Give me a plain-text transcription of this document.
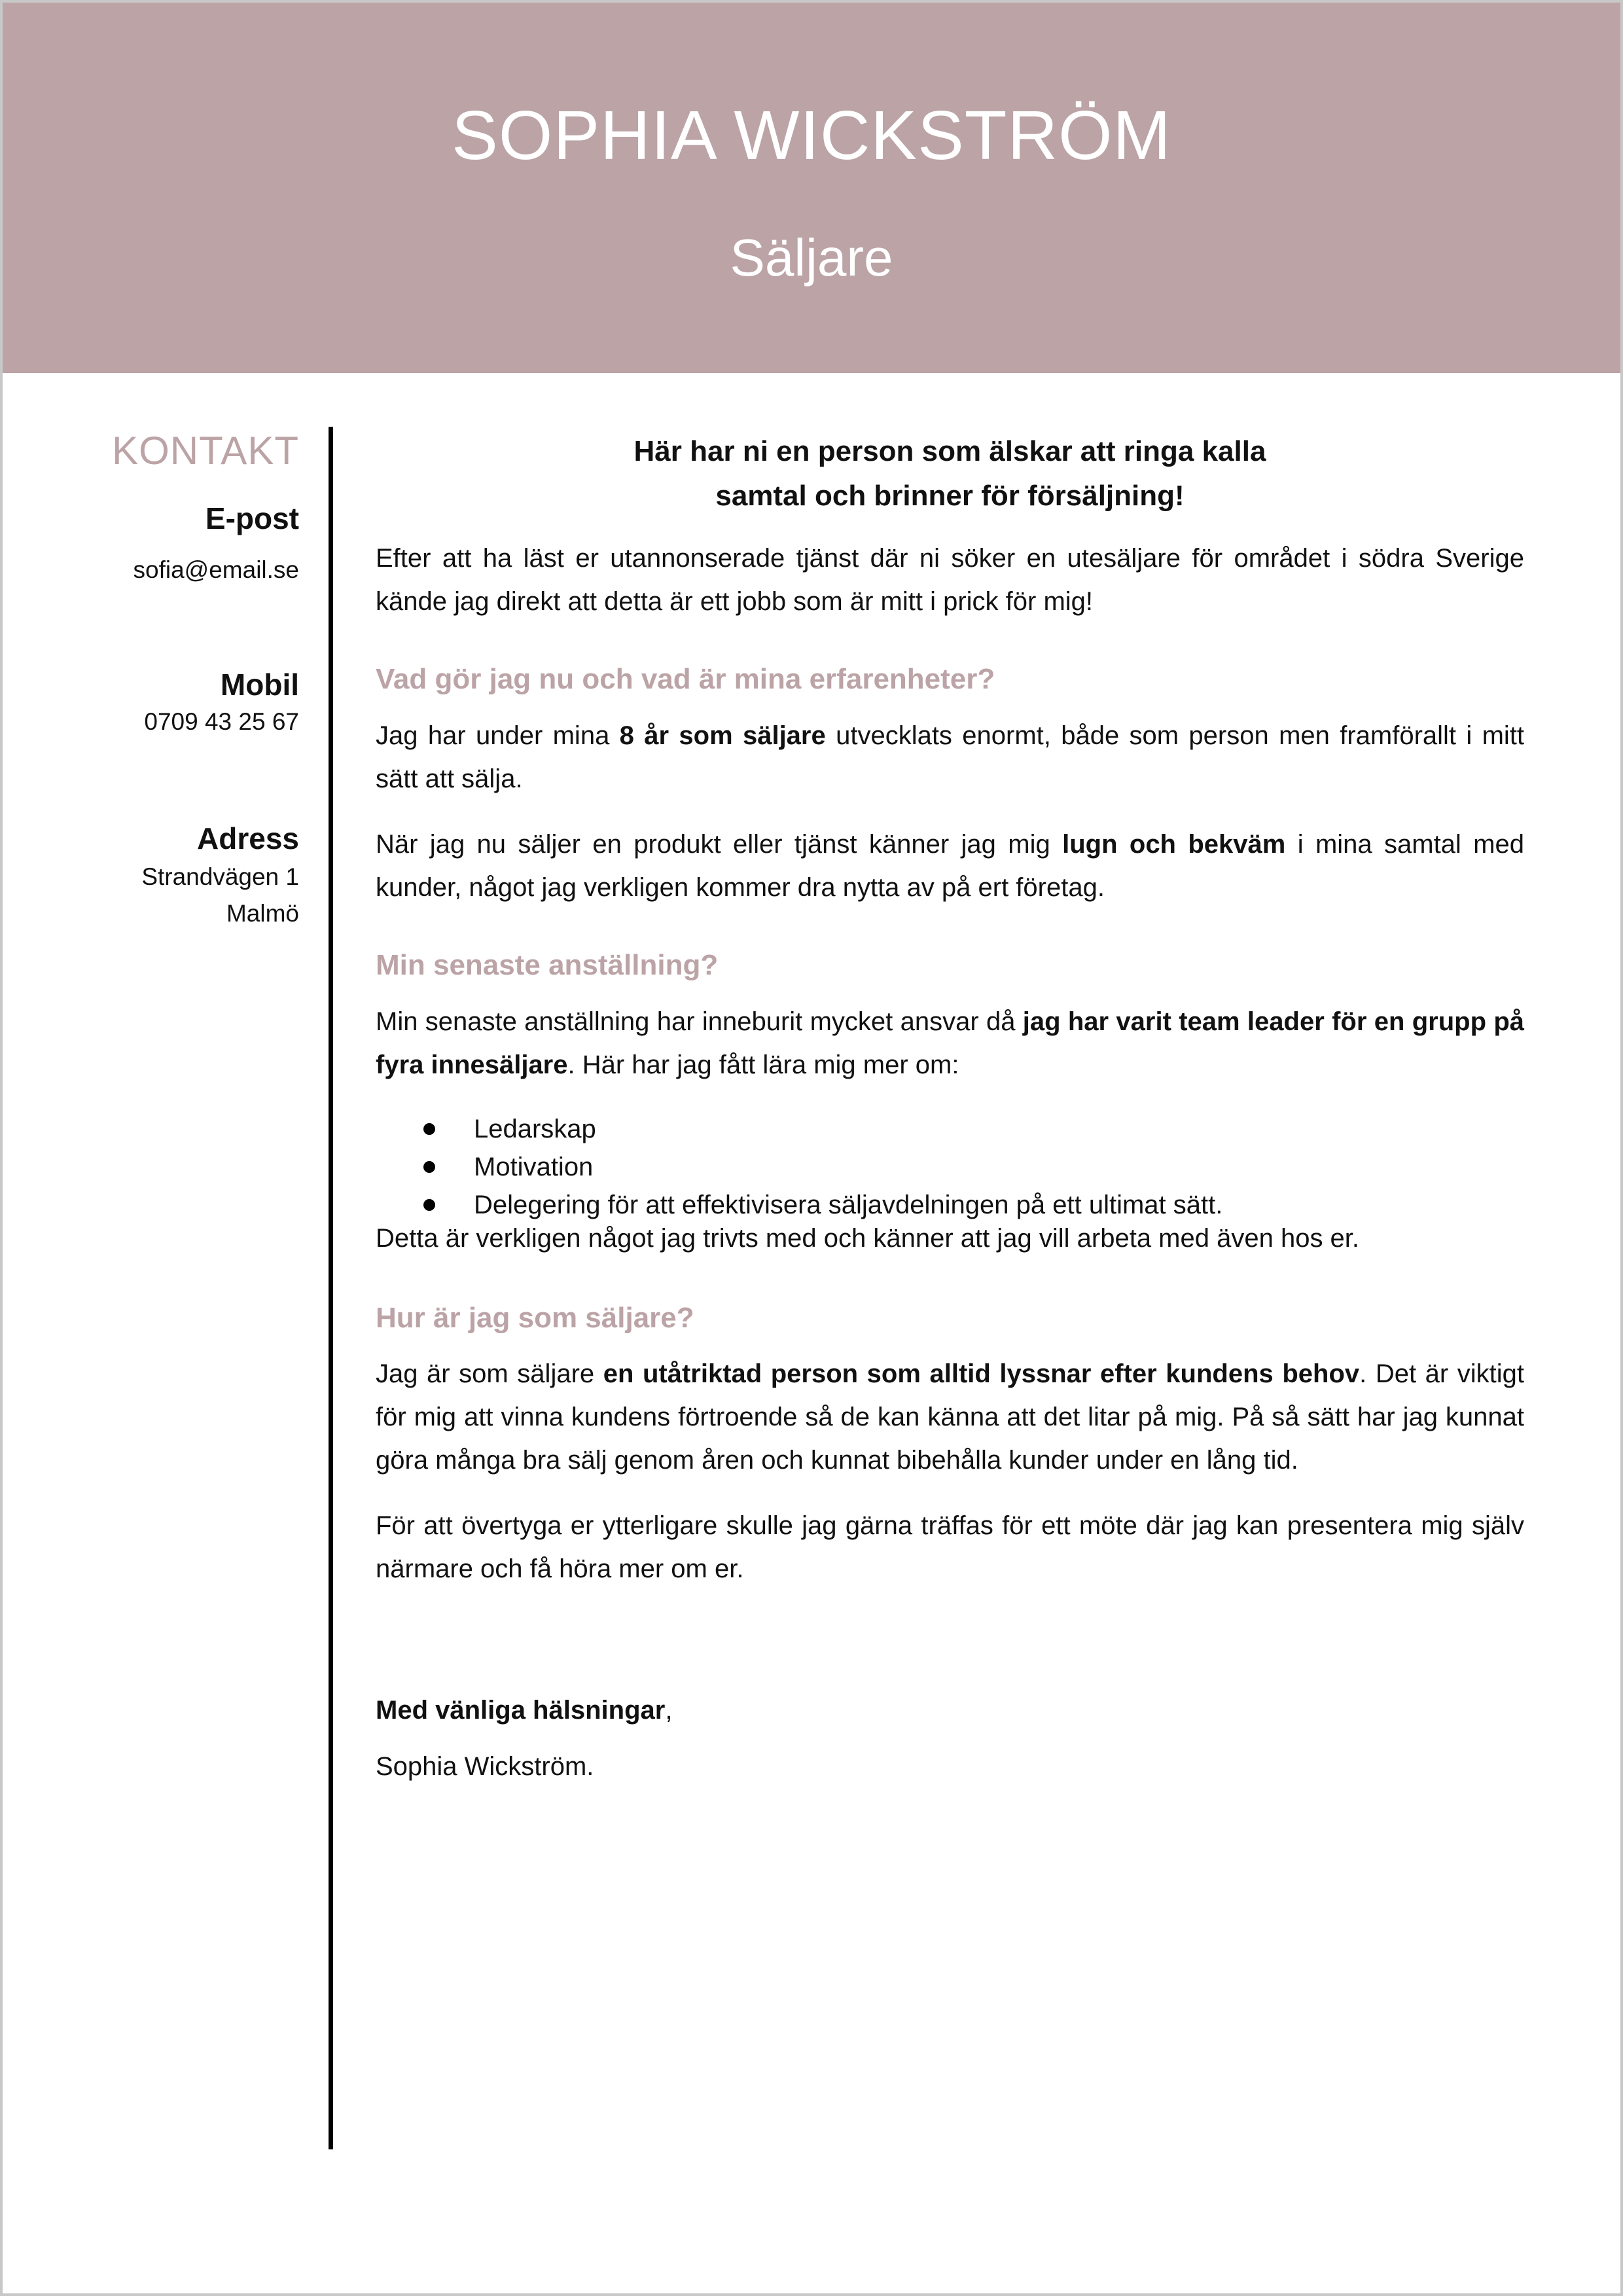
SOPHIA WICKSTRÖM
Säljare
KONTAKT
E-post
sofia@email.se
Mobil
0709 43 25 67
Adress
Strandvägen 1
Malmö

Här har ni en person som älskar att ringa kalla
samtal och brinner för försäljning!

Efter att ha läst er utannonserade tjänst där ni söker en utesäljare för området i södra Sverige kände jag direkt att detta är ett jobb som är mitt i prick för mig!

Vad gör jag nu och vad är mina erfarenheter?

Jag har under mina 8 år som säljare utvecklats enormt, både som person men framförallt i mitt sätt att sälja.

När jag nu säljer en produkt eller tjänst känner jag mig lugn och bekväm i mina samtal med kunder, något jag verkligen kommer dra nytta av på ert företag.

Min senaste anställning?

Min senaste anställning har inneburit mycket ansvar då jag har varit team leader för en grupp på fyra innesäljare. Här har jag fått lära mig mer om:

Ledarskap
Motivation
Delegering för att effektivisera säljavdelningen på ett ultimat sätt.

Detta är verkligen något jag trivts med och känner att jag vill arbeta med även hos er.

Hur är jag som säljare?

Jag är som säljare en utåtriktad person som alltid lyssnar efter kundens behov. Det är viktigt för mig att vinna kundens förtroende så de kan känna att det litar på mig. På så sätt har jag kunnat göra många bra sälj genom åren och kunnat bibehålla kunder under en lång tid.

För att övertyga er ytterligare skulle jag gärna träffas för ett möte där jag kan presentera mig själv närmare och få höra mer om er.

Med vänliga hälsningar,

Sophia Wickström.
